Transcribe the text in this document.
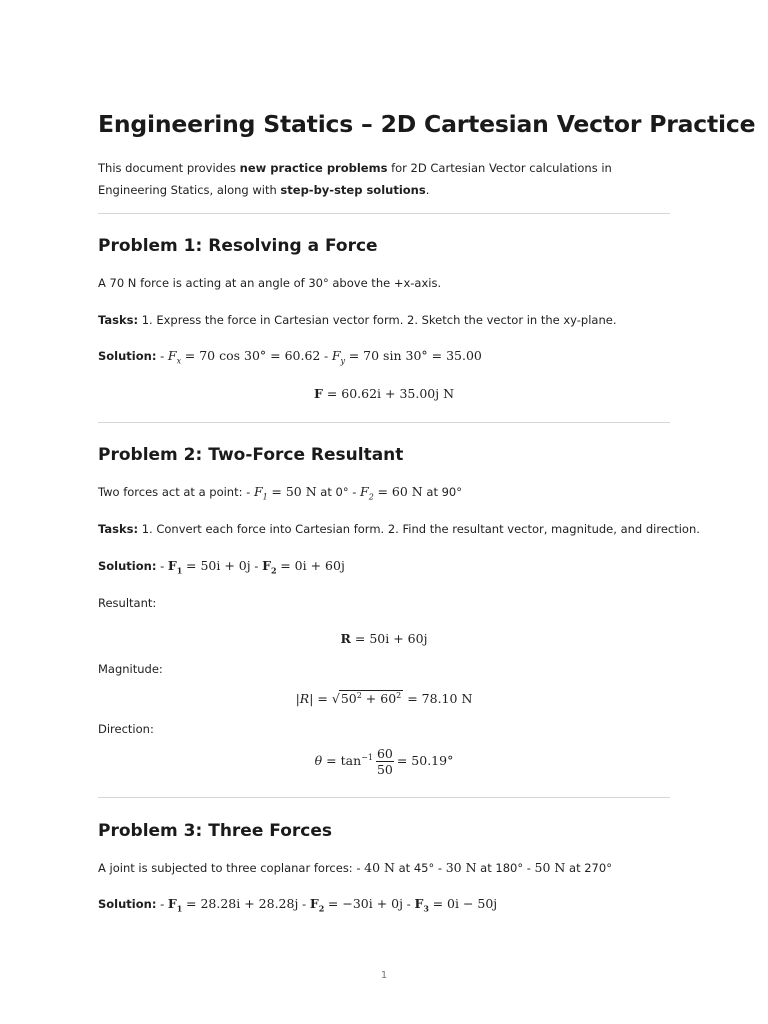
Engineering Statics – 2D Cartesian Vector Practice
This document provides new practice problems for 2D Cartesian Vector calculations in Engineering Statics, along with step-by-step solutions.
Problem 1: Resolving a Force

A 70 N force is acting at an angle of 30° above the +x-axis.

Tasks: 1. Express the force in Cartesian vector form. 2. Sketch the vector in the xy-plane.

Solution: - $F_x = 70$ $\cos 30^\circ = 60.62 - F_y = 70$ sin 30° = 35.00

F = 60.62i + 35.00j N
Problem 2: Two-Force Resultant

Two forces act at a point: - $F_1 = 50$ N at $0^\circ - F_2 = 60$ N at 90°

Tasks: 1. Convert each force into Cartesian form. 2. Find the resultant vector, magnitude, and direction.

Solution: - $F_1 = 50i + 0j - F_2 = 0i + 60j$

Resultant:

R = 50i + 60j

Magnitude:

$|R| = √50^2 + 60^2 = 78.10$ N

Direction:

$\theta = \tan^{-1} \frac{60}{50} = 50.19^\circ$
Problem 3: Three Forces

A joint is subjected to three coplanar forces: - 40 N at 45° - 30 N at 180° - 50 N at 270°

Solution: - $F_1 = 28.28i + 28.28j - F_2 = -30i + 0j - F_3 = 0i - 50j$

1
